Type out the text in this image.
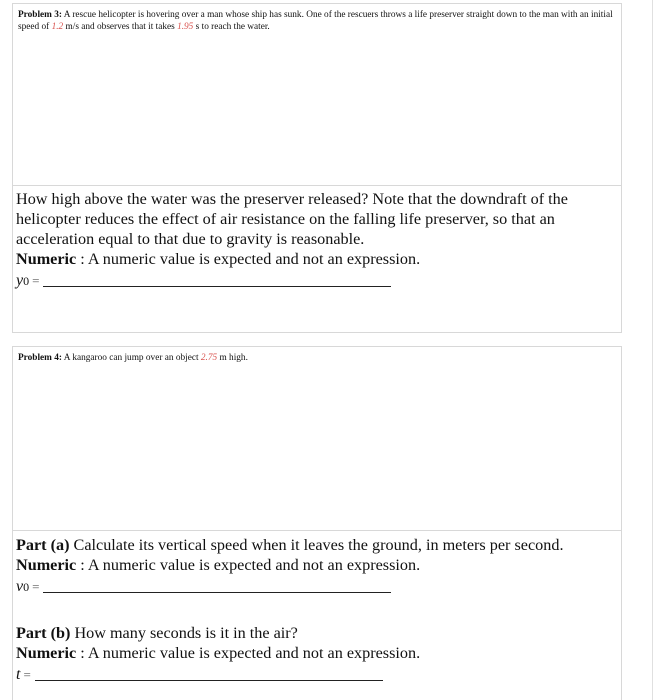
Problem 3: A rescue helicopter is hovering over a man whose ship has sunk. One of the rescuers throws a life preserver straight down to the man with an initial speed of 1.2 m/s and observes that it takes 1.95 s to reach the water.
How high above the water was the preserver released? Note that the downdraft of the helicopter reduces the effect of air resistance on the falling life preserver, so that an acceleration equal to that due to gravity is reasonable.
Numeric : A numeric value is expected and not an expression.
y0 =
Problem 4: A kangaroo can jump over an object 2.75 m high.
Part (a) Calculate its vertical speed when it leaves the ground, in meters per second.
Numeric : A numeric value is expected and not an expression.
v0 =
Part (b) How many seconds is it in the air?
Numeric : A numeric value is expected and not an expression.
t =
